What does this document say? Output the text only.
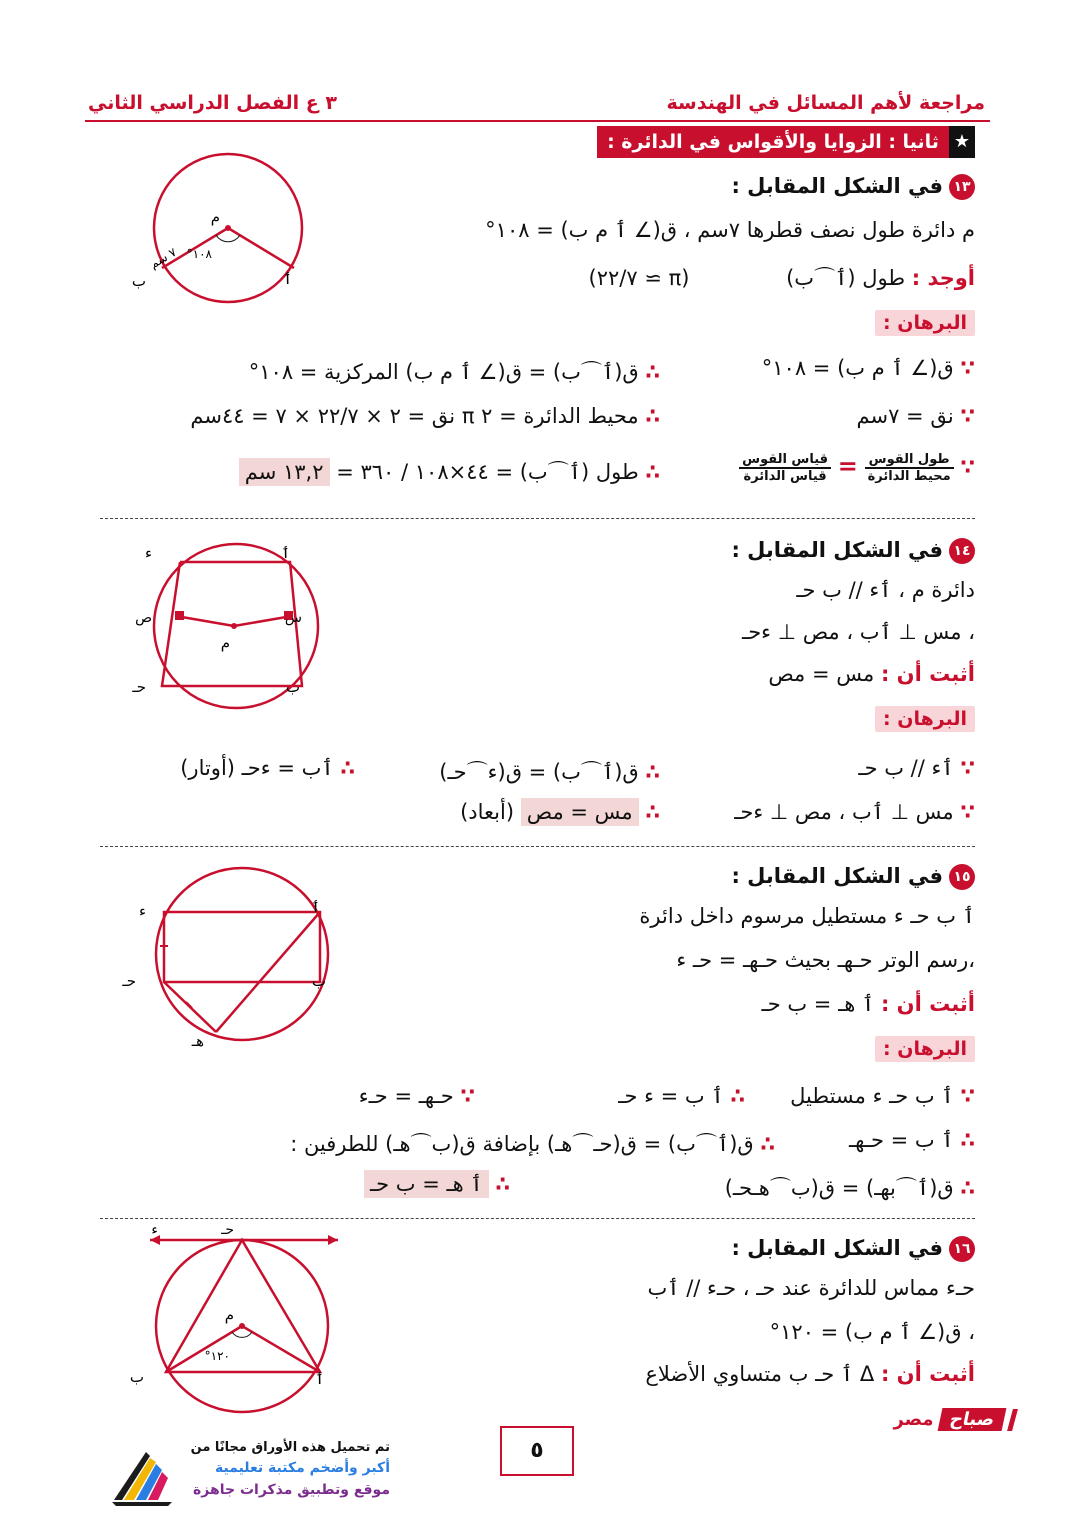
مراجعة لأهم المسائل في الهندسة
٣ ع الفصل الدراسي الثاني
★
ثانيا : الزوايا والأقواس في الدائرة :
١٣في الشكل المقابل :
م دائرة طول نصف قطرها ٧سم ، ق(∠ ٲ م ب) = ١٠٨°
أوجد : طول (ٲ⌒ب) (π ≃ ٢٢/٧)
البرهان :
∵ ق(∠ ٲ م ب) = ١٠٨°
∴ ق(ٲ⌒ب) = ق(∠ ٲ م ب) المركزية = ١٠٨°
∵ نق = ٧سم
∴ محيط الدائرة = ٢ π نق = ٢ × ٢٢/٧ × ٧ = ٤٤سم
∵
$\frac{\text{طول القوس}}{\text{محيط الدائرة}}$
=
$\frac{\text{قياس القوس}}{\text{قياس الدائرة}}$
∴ طول (ٲ⌒ب) = ٤٤×١٠٨ / ٣٦٠ = ١٣,٢ سم
م
ب	ٲ
٧ سم ١٠٨°
١٤في الشكل المقابل :
دائرة م ، ٲء // ب حـ
، مس ⊥ ٲب ، مص ⊥ ءحـ
أثبت أن : مس = مص
البرهان :
∵ ٲء // ب حـ
∴ ق(ٲ⌒ب) = ق(ء⌒حـ)
∴ ٲب = ءحـ (أوتار)
∵ مس ⊥ ٲب ، مص ⊥ ءحـ
∴ مس = مص (أبعاد)
ء	ٲ
حـ	ب
ص	س
م
١٥في الشكل المقابل :
ٲ ب حـ ء مستطيل مرسوم داخل دائرة
،رسم الوتر حـهـ بحيث حـهـ = حـ ء
أثبت أن : ٲ هـ = ب حـ
البرهان :
∵ ٲ ب حـ ء مستطيل
∴ ٲ ب = ء حـ
∵ حـهـ = حـء
∴ ٲ ب = حـهـ
∴ ق(ٲ⌒ب) = ق(حـ⌒هـ) بإضافة ق(ب⌒هـ) للطرفين :
∴ ق(ٲ⌒بهـ) = ق(ب⌒هـحـ)
∴ ٲ هـ = ب حـ
ء	ٲ
حـ	ب
هـ
١٦في الشكل المقابل :
حـء مماس للدائرة عند حـ ، حـء // ٲب
، ق(∠ ٲ م ب) = ١٢٠°
أثبت أن : Δ ٲ حـ ب متساوي الأضلاع
حـ
ء
م
١٢٠°
ب	ٲ
٥
صباح
مصر
تم تحميل هذه الأوراق مجانًا من
أكبر وأضخم مكتبة تعليمية
موقع وتطبيق مذكرات جاهزة
